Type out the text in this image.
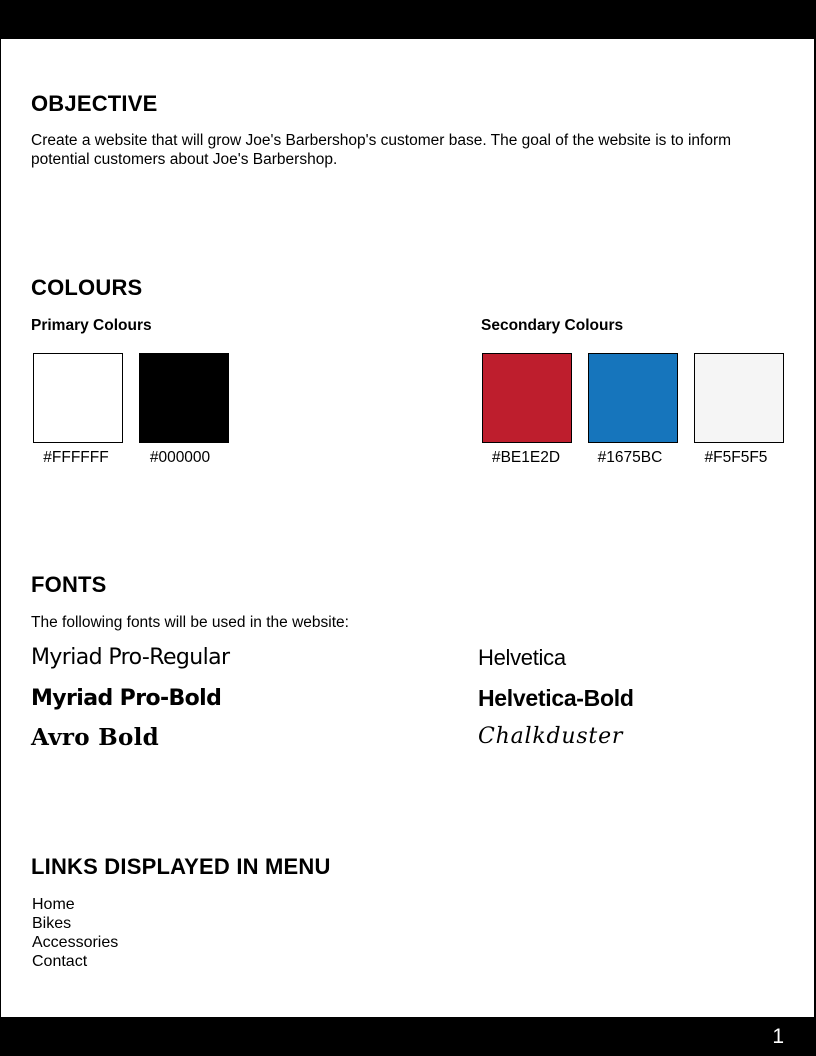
OBJECTIVE

Create a website that will grow Joe's Barbershop's customer base. The goal of the website is to inform

potential customers about Joe's Barbershop.

COLOURS

Primary Colours	Secondary Colours

#FFFFFF	#000000	#BE1E2D	#1675BC	#F5F5F5
FONTS

The following fonts will be used in the website:

Myriad Pro-Regular

Myriad Pro-Bold

Avro Bold

Helvetica

Helvetica-Bold

Chalkduster

LINKS DISPLAYED IN MENU
Home
Bikes
Accessories
Contact
1
